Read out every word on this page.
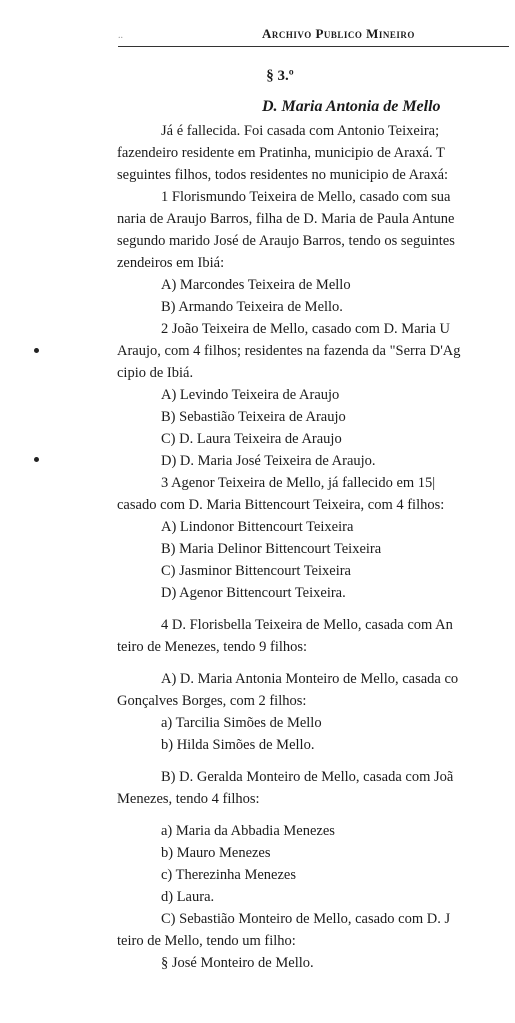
..	Archivo Publico Mineiro
§ 3.º
D. Maria Antonia de Mello
Já é fallecida. Foi casada com Antonio Teixeira;
fazendeiro residente em Pratinha, municipio de Araxá. T
seguintes filhos, todos residentes no municipio de Araxá:
1 Florismundo Teixeira de Mello, casado com sua
naria de Araujo Barros, filha de D. Maria de Paula Antune
segundo marido José de Araujo Barros, tendo os seguintes
zendeiros em Ibiá:
A) Marcondes Teixeira de Mello
B) Armando Teixeira de Mello.
2 João Teixeira de Mello, casado com D. Maria U
Araujo, com 4 filhos; residentes na fazenda da "Serra D'Ag
cipio de Ibiá.
A) Levindo Teixeira de Araujo
B) Sebastião Teixeira de Araujo
C) D. Laura Teixeira de Araujo
D) D. Maria José Teixeira de Araujo.
3 Agenor Teixeira de Mello, já fallecido em 15|
casado com D. Maria Bittencourt Teixeira, com 4 filhos:
A) Lindonor Bittencourt Teixeira
B) Maria Delinor Bittencourt Teixeira
C) Jasminor Bittencourt Teixeira
D) Agenor Bittencourt Teixeira.
4 D. Florisbella Teixeira de Mello, casada com An
teiro de Menezes, tendo 9 filhos:
A) D. Maria Antonia Monteiro de Mello, casada co
Gonçalves Borges, com 2 filhos:
a) Tarcilia Simões de Mello
b) Hilda Simões de Mello.
B) D. Geralda Monteiro de Mello, casada com Joã
Menezes, tendo 4 filhos:
a) Maria da Abbadia Menezes
b) Mauro Menezes
c) Therezinha Menezes
d) Laura.
C) Sebastião Monteiro de Mello, casado com D. J
teiro de Mello, tendo um filho:
§ José Monteiro de Mello.
